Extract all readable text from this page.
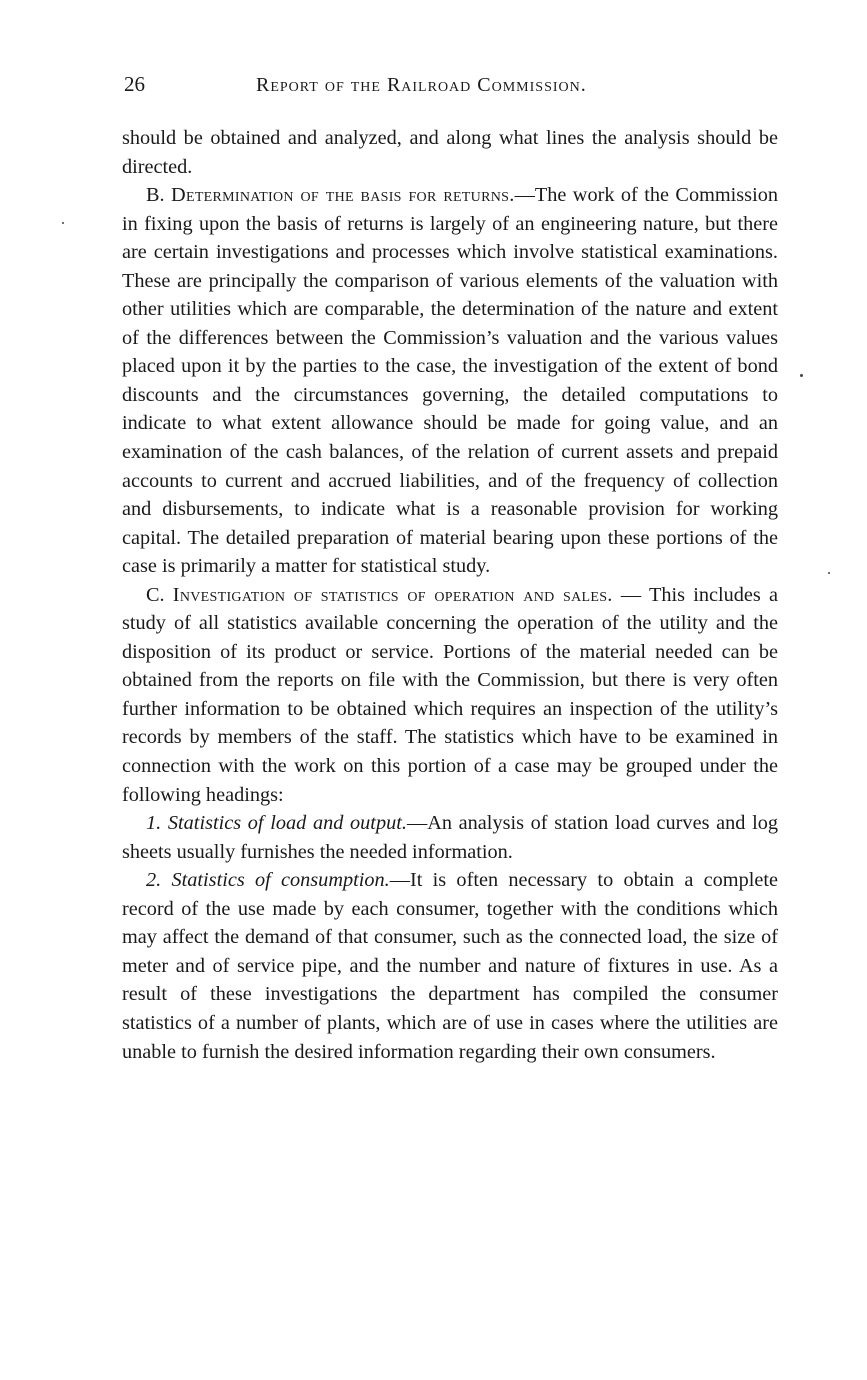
26	Report of the Railroad Commission.

should be obtained and analyzed, and along what lines the analysis should be directed.

B. Determination of the basis for returns.—The work of the Commission in fixing upon the basis of returns is largely of an engineering nature, but there are certain investigations and processes which involve statistical examinations. These are principally the comparison of various elements of the valuation with other utilities which are comparable, the determination of the nature and extent of the differences between the Commission’s valuation and the various values placed upon it by the parties to the case, the investigation of the extent of bond discounts and the circumstances governing, the detailed computations to indicate to what extent allowance should be made for going value, and an examination of the cash balances, of the relation of current assets and prepaid accounts to current and accrued liabilities, and of the frequency of collection and disbursements, to indicate what is a reasonable provision for working capital. The detailed preparation of material bearing upon these portions of the case is primarily a matter for statistical study.

C. Investigation of statistics of operation and sales. — This includes a study of all statistics available concerning the operation of the utility and the disposition of its product or service. Portions of the material needed can be obtained from the reports on file with the Commission, but there is very often further information to be obtained which requires an inspection of the utility’s records by members of the staff. The statistics which have to be examined in connection with the work on this portion of a case may be grouped under the following headings:

1. Statistics of load and output.—An analysis of station load curves and log sheets usually furnishes the needed information.

2. Statistics of consumption.—It is often necessary to obtain a complete record of the use made by each consumer, together with the conditions which may affect the demand of that consumer, such as the connected load, the size of meter and of service pipe, and the number and nature of fixtures in use. As a result of these investigations the department has compiled the consumer statistics of a number of plants, which are of use in cases where the utilities are unable to furnish the desired information regarding their own consumers.
